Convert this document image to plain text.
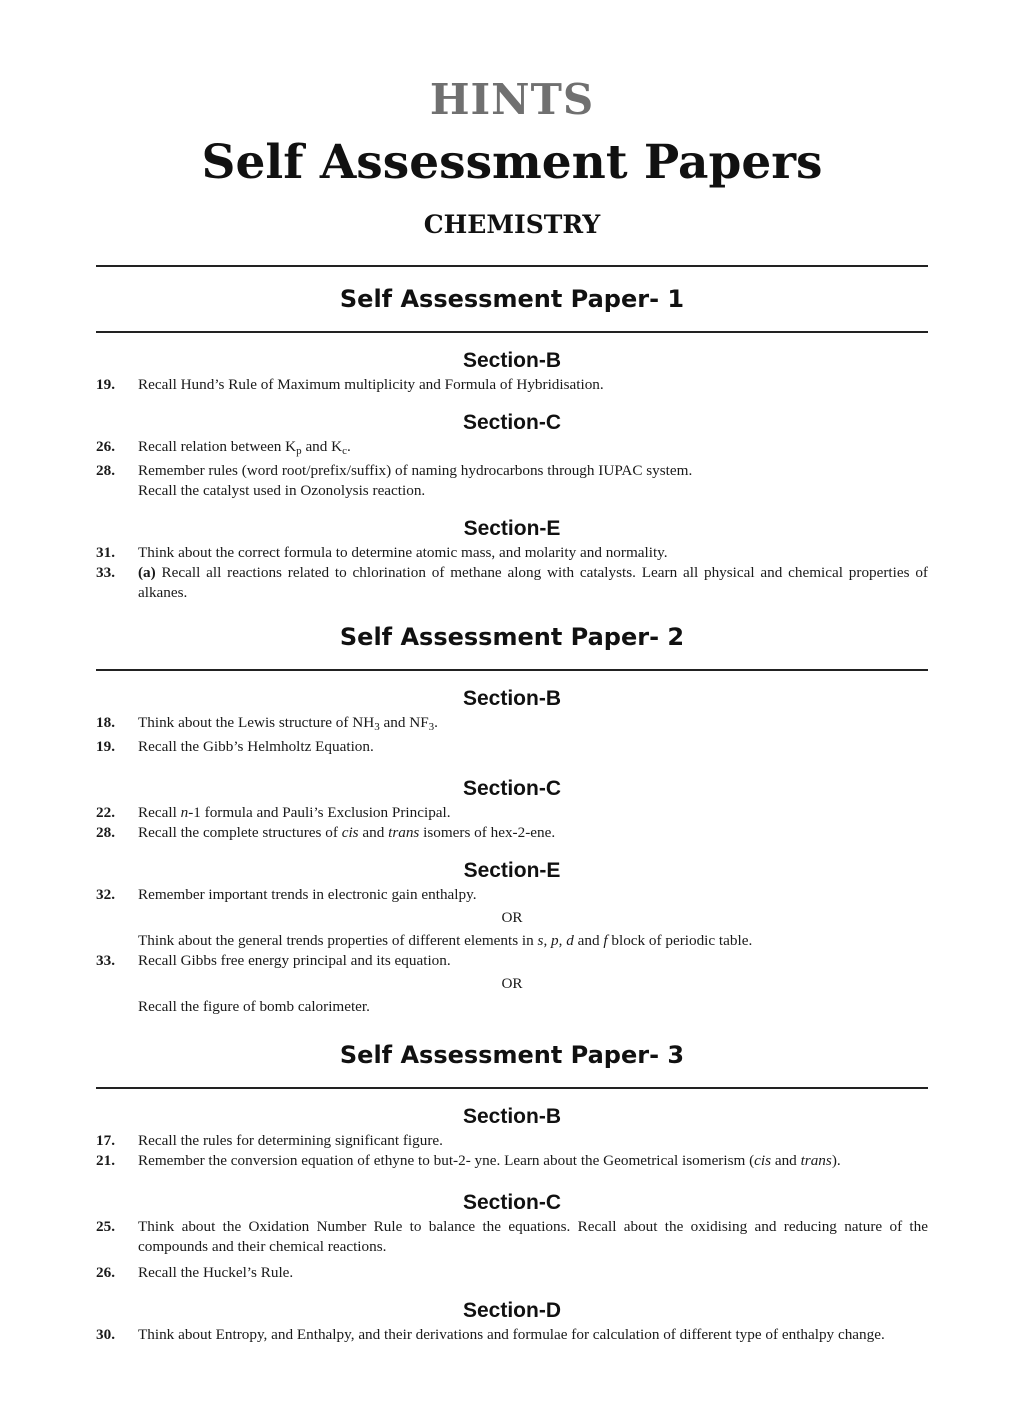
HINTS
Self Assessment Papers
CHEMISTRY
Self Assessment Paper- 1
Section-B
19.	Recall Hund’s Rule of Maximum multiplicity and Formula of Hybridisation.
Section-C
26.	Recall relation between $K_p$ and $K_c$.
28.	Remember rules (word root/prefix/suffix) of naming hydrocarbons through IUPAC system.
Recall the catalyst used in Ozonolysis reaction.
Section-E
31.	Think about the correct formula to determine atomic mass, and molarity and normality.
33.	(a) Recall all reactions related to chlorination of methane along with catalysts. Learn all physical and chemical properties of alkanes.
Self Assessment Paper- 2
Section-B
18.	Think about the Lewis structure of $NH_3$ and $NF_3$.
19.	Recall the Gibb’s Helmholtz Equation.
Section-C
22.	Recall n-1 formula and Pauli’s Exclusion Principal.
28.	Recall the complete structures of cis and trans isomers of hex-2-ene.
Section-E
32.	Remember important trends in electronic gain enthalpy.
OR
Think about the general trends properties of different elements in s, p, d and f block of periodic table.
33.	Recall Gibbs free energy principal and its equation.
OR
Recall the figure of bomb calorimeter.
Self Assessment Paper- 3
Section-B
17.	Recall the rules for determining significant figure.
21.	Remember the conversion equation of ethyne to but-2- yne. Learn about the Geometrical isomerism (cis and trans).
Section-C
25.	Think about the Oxidation Number Rule to balance the equations. Recall about the oxidising and reducing nature of the compounds and their chemical reactions.
26.	Recall the Huckel’s Rule.
Section-D
30.	Think about Entropy, and Enthalpy, and their derivations and formulae for calculation of different type of enthalpy change.
